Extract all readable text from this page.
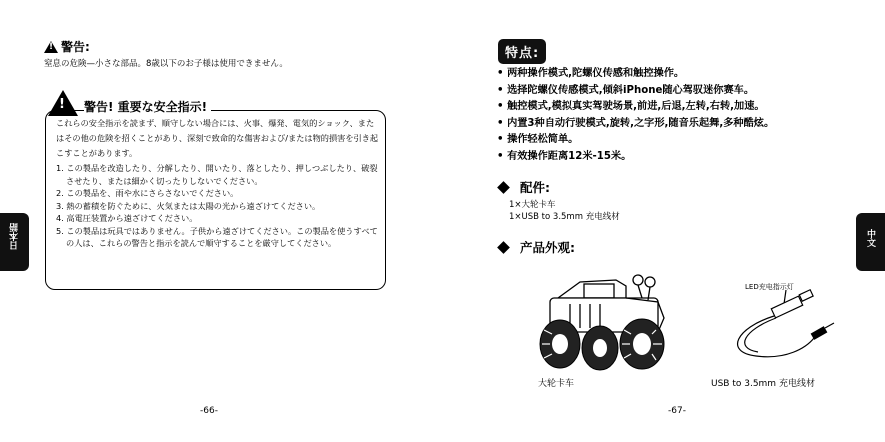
!
警告:
窒息の危険—小さな部品。8歳以下のお子様は使用できません。
! 警告! 重要な安全指示!
これらの安全指示を読まず、順守しない場合には、火事、爆発、電気的ショック、またはその他の危険を招くことがあり、深刻で致命的な傷害および/または物的損害を引き起こすことがあります。
1. この製品を改造したり、分解したり、開いたり、落としたり、押しつぶしたり、破裂させたり、または細かく切ったりしないでください。
2. この製品を、雨や水にさらさないでください。
3. 熱の蓄積を防ぐために、火気または太陽の光から遠ざけてください。
4. 高電圧装置から遠ざけてください。
5. この製品は玩具ではありません。子供から遠ざけてください。この製品を使うすべての人は、これらの警告と指示を読んで順守することを厳守してください。
日本語
-66-
特点:
• 两种操作模式,陀螺仪传感和触控操作。
• 选择陀螺仪传感模式,倾斜iPhone随心驾驭迷你赛车。
• 触控模式,模拟真实驾驶场景,前进,后退,左转,右转,加速。
• 内置3种自动行驶模式,旋转,之字形,随音乐起舞,多种酷炫。
• 操作轻松简单。
• 有效操作距离12米-15米。
配件:
1×大轮卡车
1×USB to 3.5mm 充电线材
产品外观:
LED充电指示灯
大轮卡车	USB to 3.5mm 充电线材
中文
-67-
